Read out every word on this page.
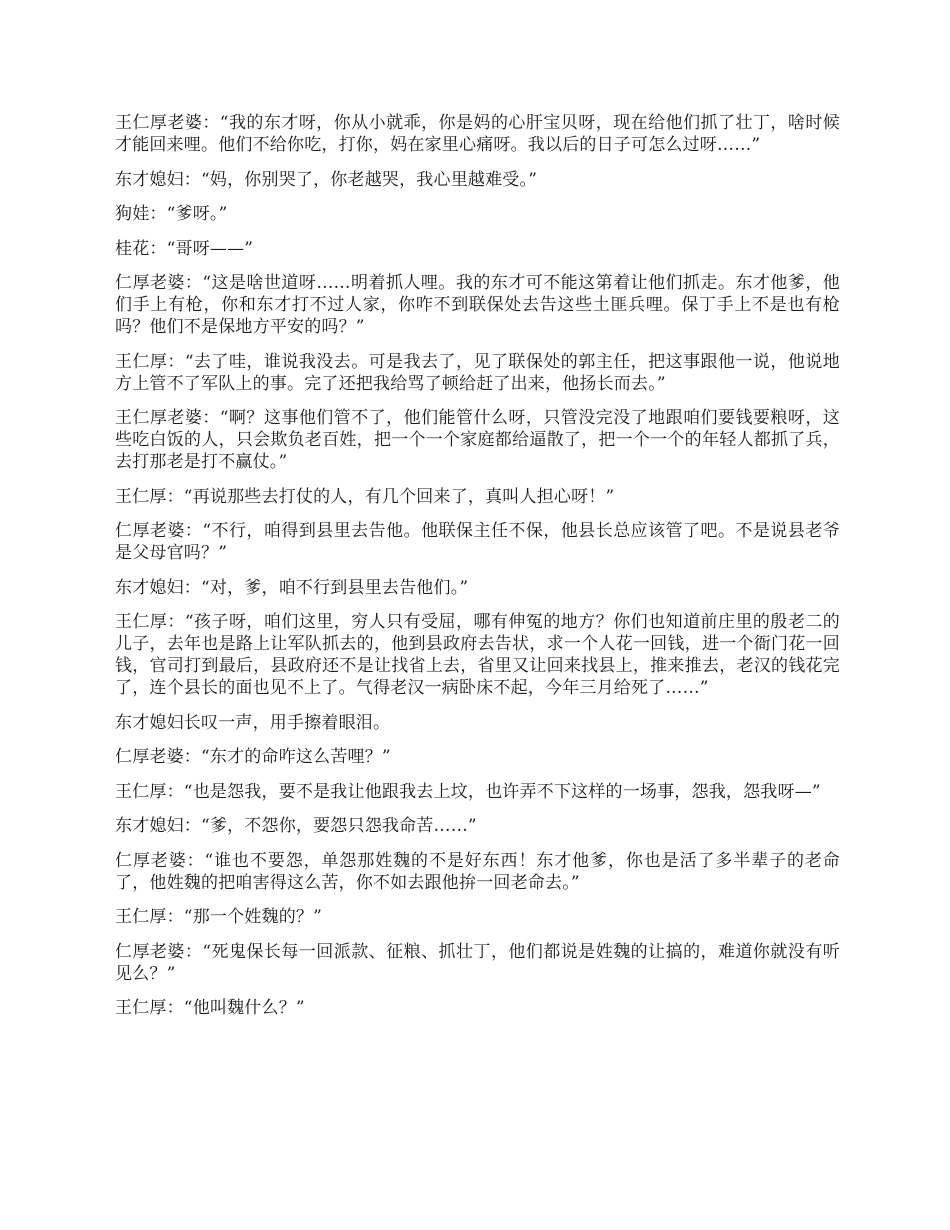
王仁厚老婆：“我的东才呀，你从小就乖，你是妈的心肝宝贝呀，现在给他们抓了壮丁，啥时候才能回来哩。他们不给你吃，打你，妈在家里心痛呀。我以后的日子可怎么过呀……”

东才媳妇：“妈，你别哭了，你老越哭，我心里越难受。”

狗娃：“爹呀。”

桂花：“哥呀——”

仁厚老婆：“这是啥世道呀……明着抓人哩。我的东才可不能这第着让他们抓走。东才他爹，他们手上有枪，你和东才打不过人家，你咋不到联保处去告这些土匪兵哩。保丁手上不是也有枪吗？他们不是保地方平安的吗？”

王仁厚：“去了哇，谁说我没去。可是我去了，见了联保处的郭主任，把这事跟他一说，他说地方上管不了军队上的事。完了还把我给骂了顿给赶了出来，他扬长而去。”

王仁厚老婆：“啊？这事他们管不了，他们能管什么呀，只管没完没了地跟咱们要钱要粮呀，这些吃白饭的人，只会欺负老百姓，把一个一个家庭都给逼散了，把一个一个的年轻人都抓了兵，去打那老是打不赢仗。”

王仁厚：“再说那些去打仗的人，有几个回来了，真叫人担心呀！”

仁厚老婆：“不行，咱得到县里去告他。他联保主任不保，他县长总应该管了吧。不是说县老爷是父母官吗？”

东才媳妇：“对，爹，咱不行到县里去告他们。”

王仁厚：“孩子呀，咱们这里，穷人只有受屈，哪有伸冤的地方？你们也知道前庄里的殷老二的儿子，去年也是路上让军队抓去的，他到县政府去告状，求一个人花一回钱，进一个衙门花一回钱，官司打到最后，县政府还不是让找省上去，省里又让回来找县上，推来推去，老汉的钱花完了，连个县长的面也见不上了。气得老汉一病卧床不起，今年三月给死了……”

东才媳妇长叹一声，用手擦着眼泪。

仁厚老婆：“东才的命咋这么苦哩？”

王仁厚：“也是怨我，要不是我让他跟我去上坟，也许弄不下这样的一场事，怨我，怨我呀—”

东才媳妇：“爹，不怨你，要怨只怨我命苦……”

仁厚老婆：“谁也不要怨，单怨那姓魏的不是好东西！东才他爹，你也是活了多半辈子的老命了，他姓魏的把咱害得这么苦，你不如去跟他拚一回老命去。”

王仁厚：“那一个姓魏的？”

仁厚老婆：“死鬼保长每一回派款、征粮、抓壮丁，他们都说是姓魏的让搞的，难道你就没有听见么？”

王仁厚：“他叫魏什么？”
